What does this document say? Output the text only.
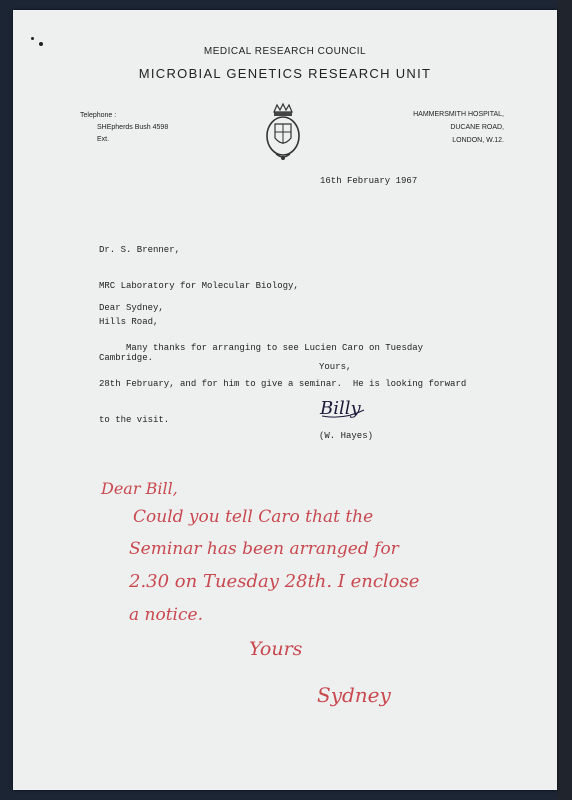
MEDICAL RESEARCH COUNCIL
MICROBIAL GENETICS RESEARCH UNIT
Telephone :
SHEpherds Bush 4598
Ext.
HAMMERSMITH HOSPITAL,
DUCANE ROAD,
LONDON, W.12.
16th February 1967

Dr. S. Brenner,

MRC Laboratory for Molecular Biology,

Hills Road,

Cambridge.

Dear Sydney,

Many thanks for arranging to see Lucien Caro on Tuesday

28th February, and for him to give a seminar.  He is looking forward

to the visit.

Yours,
Billy
(W. Hayes)
Dear Bill,
Could you tell Caro that the
Seminar has been arranged for
2.30 on Tuesday 28th. I enclose
a notice.
Yours
Sydney
